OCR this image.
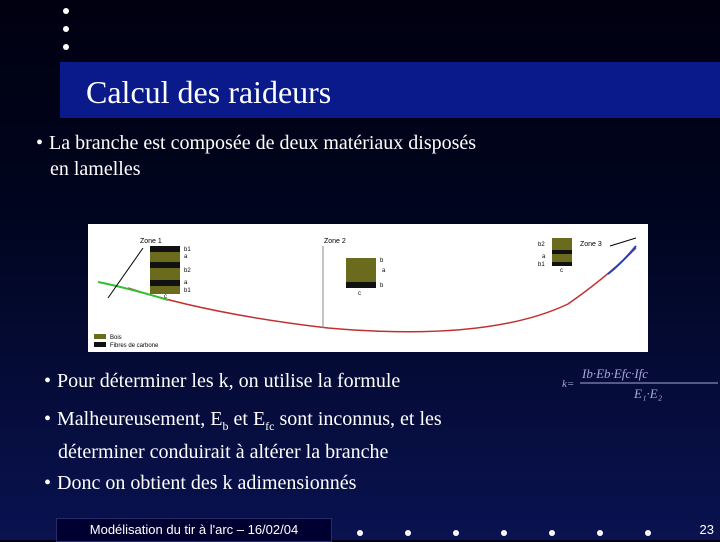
Calcul des raideurs
• La branche est composée de deux matériaux disposés
en lamelles
Zone 1
b1
a
b2
a
b1
c
Zone 2
b
a
b
c
Zone 3
b2
a
b1
c
Bois
Fibres de carbone
• Pour déterminer les k, on utilise la formule	k=
Ib·Eb·Efc·Ifc
E₁·E₂
• Malheureusement, $E_b$ et $E_{fc}$ sont inconnus, et les
déterminer conduirait à altérer la branche
• Donc on obtient des k adimensionnés
Modélisation du tir à l'arc – 16/02/04	23
